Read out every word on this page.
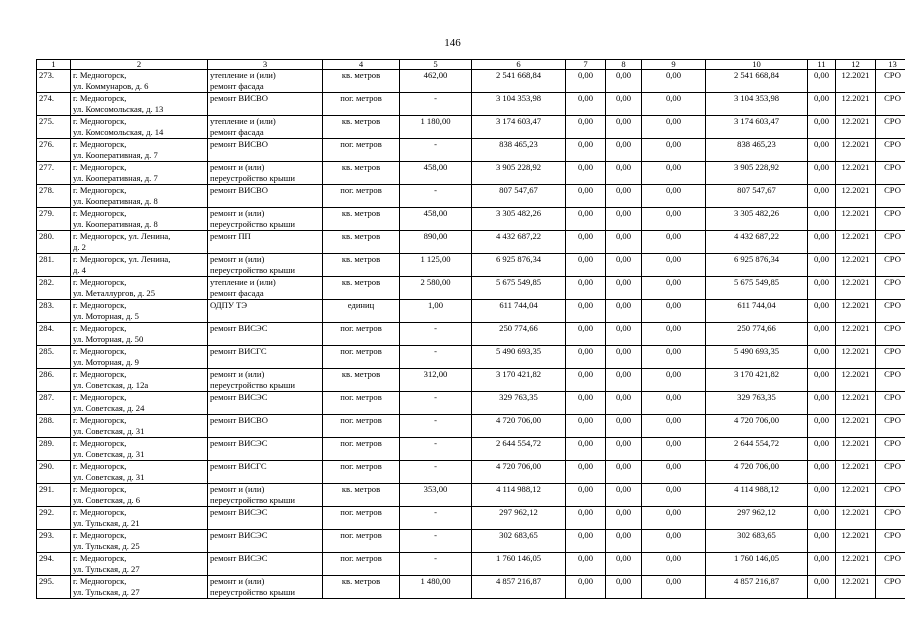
146
1	2	3	4	5	6	7	8	9	10	11	12	13
273.	г. Медногорск,
ул. Коммунаров, д. 6	утепление и (или)
ремонт фасада	кв. метров	462,00	2 541 668,84	0,00	0,00	0,00	2 541 668,84	0,00	12.2021	СРО
274.	г. Медногорск,
ул. Комсомольская, д. 13	ремонт ВИСВО	пог. метров	-	3 104 353,98	0,00	0,00	0,00	3 104 353,98	0,00	12.2021	СРО
275.	г. Медногорск,
ул. Комсомольская, д. 14	утепление и (или)
ремонт фасада	кв. метров	1 180,00	3 174 603,47	0,00	0,00	0,00	3 174 603,47	0,00	12.2021	СРО
276.	г. Медногорск,
ул. Кооперативная, д. 7	ремонт ВИСВО	пог. метров	-	838 465,23	0,00	0,00	0,00	838 465,23	0,00	12.2021	СРО
277.	г. Медногорск,
ул. Кооперативная, д. 7	ремонт и (или)
переустройство крыши	кв. метров	458,00	3 905 228,92	0,00	0,00	0,00	3 905 228,92	0,00	12.2021	СРО
278.	г. Медногорск,
ул. Кооперативная, д. 8	ремонт ВИСВО	пог. метров	-	807 547,67	0,00	0,00	0,00	807 547,67	0,00	12.2021	СРО
279.	г. Медногорск,
ул. Кооперативная, д. 8	ремонт и (или)
переустройство крыши	кв. метров	458,00	3 305 482,26	0,00	0,00	0,00	3 305 482,26	0,00	12.2021	СРО
280.	г. Медногорск, ул. Ленина,
д. 2	ремонт ПП	кв. метров	890,00	4 432 687,22	0,00	0,00	0,00	4 432 687,22	0,00	12.2021	СРО
281.	г. Медногорск, ул. Ленина,
д. 4	ремонт и (или)
переустройство крыши	кв. метров	1 125,00	6 925 876,34	0,00	0,00	0,00	6 925 876,34	0,00	12.2021	СРО
282.	г. Медногорск,
ул. Металлургов, д. 25	утепление и (или)
ремонт фасада	кв. метров	2 580,00	5 675 549,85	0,00	0,00	0,00	5 675 549,85	0,00	12.2021	СРО
283.	г. Медногорск,
ул. Моторная, д. 5	ОДПУ ТЭ	единиц	1,00	611 744,04	0,00	0,00	0,00	611 744,04	0,00	12.2021	СРО
284.	г. Медногорск,
ул. Моторная, д. 50	ремонт ВИСЭС	пог. метров	-	250 774,66	0,00	0,00	0,00	250 774,66	0,00	12.2021	СРО
285.	г. Медногорск,
ул. Моторная, д. 9	ремонт ВИСГС	пог. метров	-	5 490 693,35	0,00	0,00	0,00	5 490 693,35	0,00	12.2021	СРО
286.	г. Медногорск,
ул. Советская, д. 12а	ремонт и (или)
переустройство крыши	кв. метров	312,00	3 170 421,82	0,00	0,00	0,00	3 170 421,82	0,00	12.2021	СРО
287.	г. Медногорск,
ул. Советская, д. 24	ремонт ВИСЭС	пог. метров	-	329 763,35	0,00	0,00	0,00	329 763,35	0,00	12.2021	СРО
288.	г. Медногорск,
ул. Советская, д. 31	ремонт ВИСВО	пог. метров	-	4 720 706,00	0,00	0,00	0,00	4 720 706,00	0,00	12.2021	СРО
289.	г. Медногорск,
ул. Советская, д. 31	ремонт ВИСЭС	пог. метров	-	2 644 554,72	0,00	0,00	0,00	2 644 554,72	0,00	12.2021	СРО
290.	г. Медногорск,
ул. Советская, д. 31	ремонт ВИСГС	пог. метров	-	4 720 706,00	0,00	0,00	0,00	4 720 706,00	0,00	12.2021	СРО
291.	г. Медногорск,
ул. Советская, д. 6	ремонт и (или)
переустройство крыши	кв. метров	353,00	4 114 988,12	0,00	0,00	0,00	4 114 988,12	0,00	12.2021	СРО
292.	г. Медногорск,
ул. Тульская, д. 21	ремонт ВИСЭС	пог. метров	-	297 962,12	0,00	0,00	0,00	297 962,12	0,00	12.2021	СРО
293.	г. Медногорск,
ул. Тульская, д. 25	ремонт ВИСЭС	пог. метров	-	302 683,65	0,00	0,00	0,00	302 683,65	0,00	12.2021	СРО
294.	г. Медногорск,
ул. Тульская, д. 27	ремонт ВИСЭС	пог. метров	-	1 760 146,05	0,00	0,00	0,00	1 760 146,05	0,00	12.2021	СРО
295.	г. Медногорск,
ул. Тульская, д. 27	ремонт и (или)
переустройство крыши	кв. метров	1 480,00	4 857 216,87	0,00	0,00	0,00	4 857 216,87	0,00	12.2021	СРО
